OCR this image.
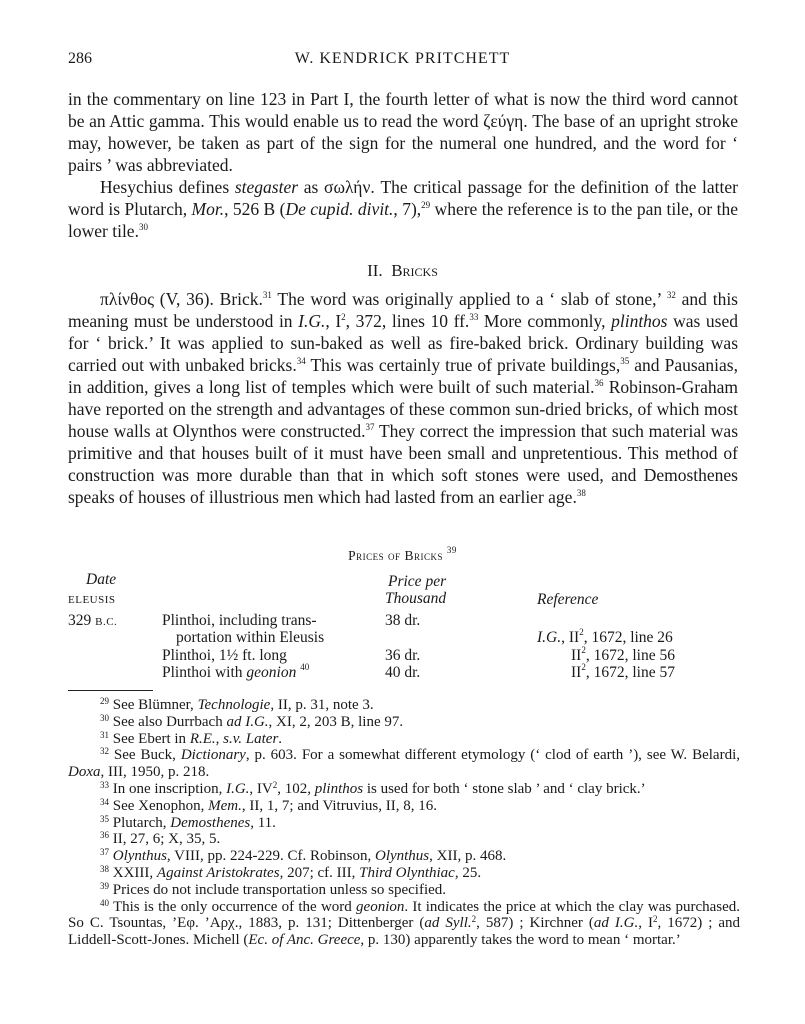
286	W. KENDRICK PRITCHETT

in the commentary on line 123 in Part I, the fourth letter of what is now the third word cannot be an Attic gamma. This would enable us to read the word ζεύγη. The base of an upright stroke may, however, be taken as part of the sign for the numeral one hundred, and the word for ‘ pairs ’ was abbreviated.

Hesychius defines stegaster as σωλήν. The critical passage for the definition of the latter word is Plutarch, Mor., 526 B (De cupid. divit., 7),$^{29}$ where the reference is to the pan tile, or the lower tile.$^{30}$

II. Bricks

πλίνθος (V, 36). Brick.$^{31}$ The word was originally applied to a ‘ slab of stone,’ $^{32}$ and this meaning must be understood in I.G., $I^2$, 372, lines 10 ff.$^{33}$ More commonly, plinthos was used for ‘ brick.’ It was applied to sun-baked as well as fire-baked brick. Ordinary building was carried out with unbaked bricks.$^{34}$ This was certainly true of private buildings,$^{35}$ and Pausanias, in addition, gives a long list of temples which were built of such material.$^{36}$ Robinson-Graham have reported on the strength and advantages of these common sun-dried bricks, of which most house walls at Olynthos were constructed.$^{37}$ They correct the impression that such material was primitive and that houses built of it must have been small and unpretentious. This method of construction was more durable than that in which soft stones were used, and Demosthenes speaks of houses of illustrious men which had lasted from an earlier age.$^{38}$

Prices of Bricks $^{39}$
Date
ELEUSIS
Price per
Thousand	Reference
329 B.C.	Plinthoi, including trans-	38 dr.
portation within Eleusis	I.G., $II^2$, 1672, line 26
Plinthoi, 1½ ft. long	36 dr.	$II^2$, 1672, line 56
Plinthoi with geonion $^{40}$	40 dr.	$II^2$, 1672, line 57

$^{29}$ See Blümner, Technologie, II, p. 31, note 3.

$^{30}$ See also Durrbach ad I.G., XI, 2, 203 B, line 97.

$^{31}$ See Ebert in R.E., s.v. Later.

$^{32}$ See Buck, Dictionary, p. 603. For a somewhat different etymology (‘ clod of earth ’), see W. Belardi, Doxa, III, 1950, p. 218.

$^{33}$ In one inscription, I.G., $IV^2$, 102, plinthos is used for both ‘ stone slab ’ and ‘ clay brick.’

$^{34}$ See Xenophon, Mem., II, 1, 7; and Vitruvius, II, 8, 16.

$^{35}$ Plutarch, Demosthenes, 11.

$^{36}$ II, 27, 6; X, 35, 5.

$^{37}$ Olynthus, VIII, pp. 224-229. Cf. Robinson, Olynthus, XII, p. 468.

$^{38}$ XXIII, Against Aristokrates, 207; cf. III, Third Olynthiac, 25.

$^{39}$ Prices do not include transportation unless so specified.

$^{40}$ This is the only occurrence of the word geonion. It indicates the price at which the clay was purchased. So C. Tsountas, ’Εφ. ’Αρχ., 1883, p. 131; Dittenberger (ad Syll.$^2$, 587) ; Kirchner (ad I.G., $I^2$, 1672) ; and Liddell-Scott-Jones. Michell (Ec. of Anc. Greece, p. 130) apparently takes the word to mean ‘ mortar.’
